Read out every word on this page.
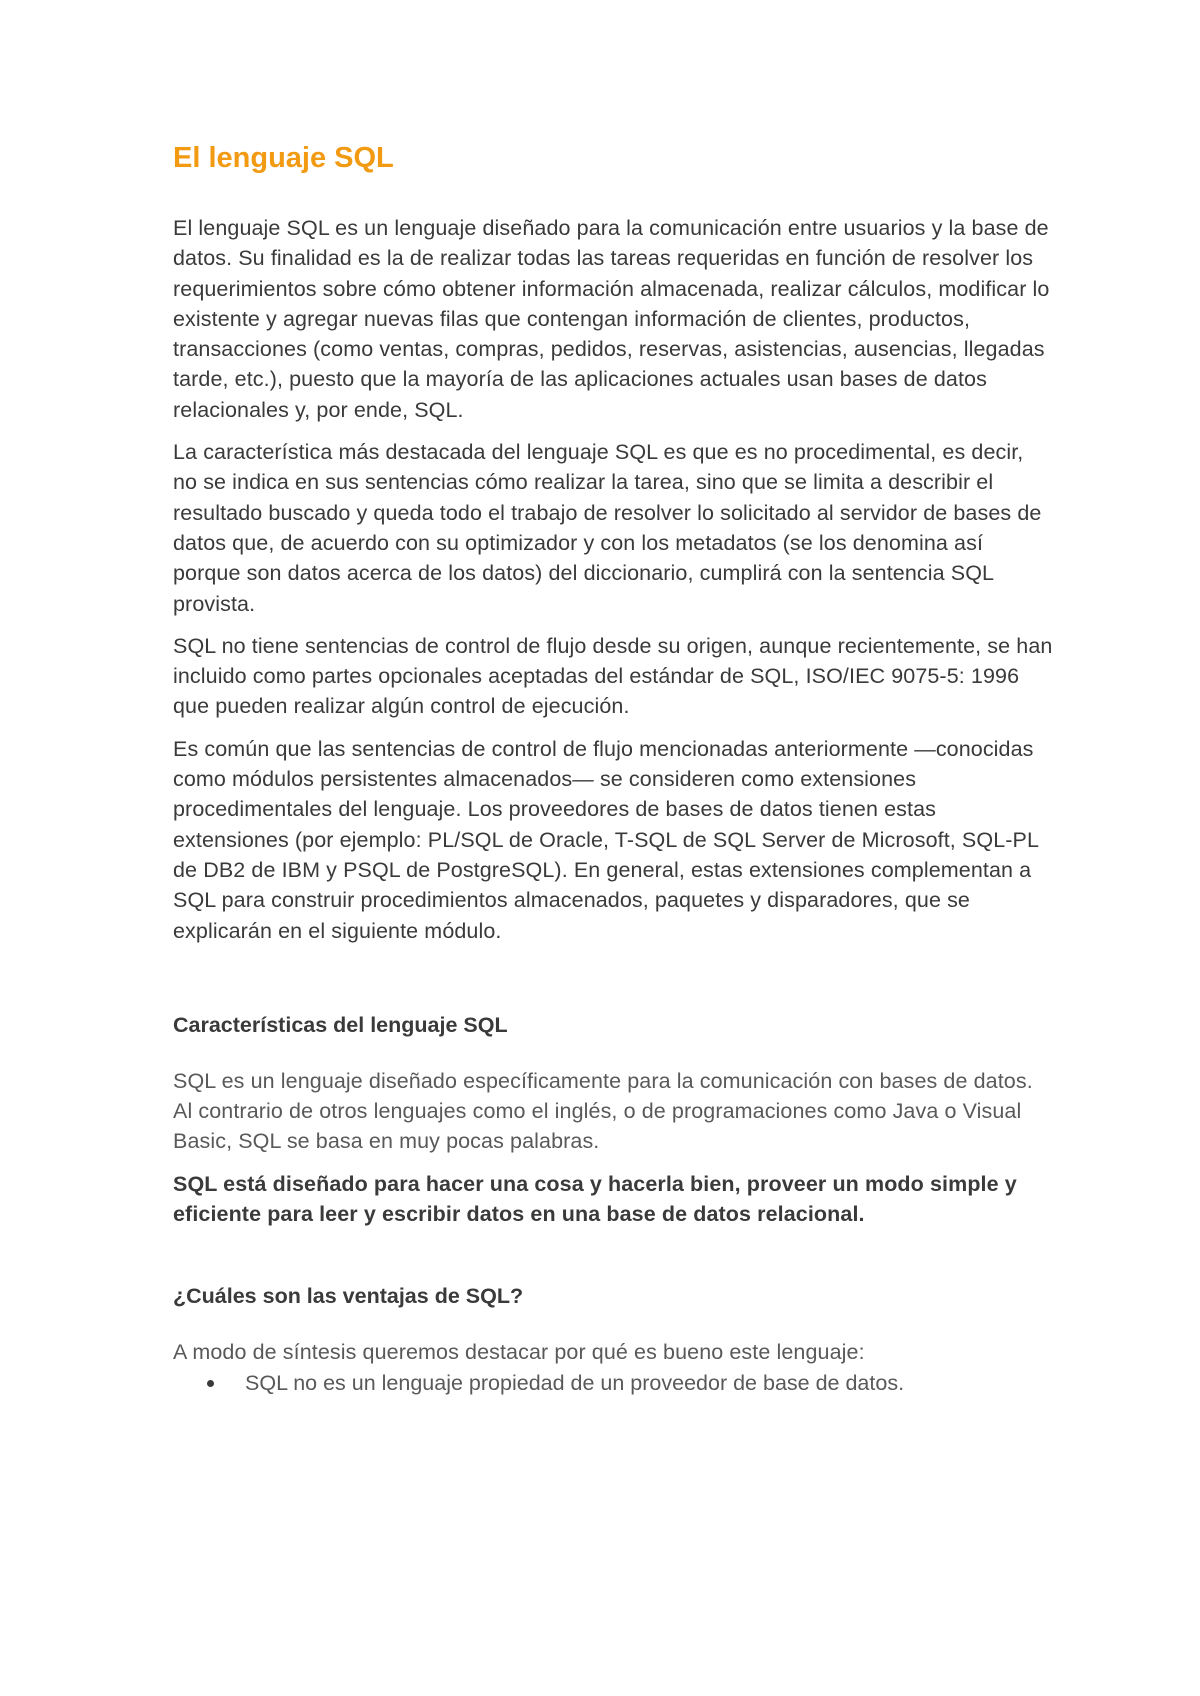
El lenguaje SQL

El lenguaje SQL es un lenguaje diseñado para la comunicación entre usuarios y la base de datos. Su finalidad es la de realizar todas las tareas requeridas en función de resolver los requerimientos sobre cómo obtener información almacenada, realizar cálculos, modificar lo existente y agregar nuevas filas que contengan información de clientes, productos, transacciones (como ventas, compras, pedidos, reservas, asistencias, ausencias, llegadas tarde, etc.), puesto que la mayoría de las aplicaciones actuales usan bases de datos relacionales y, por ende, SQL.

La característica más destacada del lenguaje SQL es que es no procedimental, es decir, no se indica en sus sentencias cómo realizar la tarea, sino que se limita a describir el resultado buscado y queda todo el trabajo de resolver lo solicitado al servidor de bases de datos que, de acuerdo con su optimizador y con los metadatos (se los denomina así porque son datos acerca de los datos) del diccionario, cumplirá con la sentencia SQL provista.

SQL no tiene sentencias de control de flujo desde su origen, aunque recientemente, se han incluido como partes opcionales aceptadas del estándar de SQL, ISO/IEC 9075-5: 1996 que pueden realizar algún control de ejecución.

Es común que las sentencias de control de flujo mencionadas anteriormente —conocidas como módulos persistentes almacenados— se consideren como extensiones procedimentales del lenguaje. Los proveedores de bases de datos tienen estas extensiones (por ejemplo: PL/SQL de Oracle, T-SQL de SQL Server de Microsoft, SQL-PL de DB2 de IBM y PSQL de PostgreSQL). En general, estas extensiones complementan a SQL para construir procedimientos almacenados, paquetes y disparadores, que se explicarán en el siguiente módulo.

Características del lenguaje SQL

SQL es un lenguaje diseñado específicamente para la comunicación con bases de datos. Al contrario de otros lenguajes como el inglés, o de programaciones como Java o Visual Basic, SQL se basa en muy pocas palabras.

SQL está diseñado para hacer una cosa y hacerla bien, proveer un modo simple y eficiente para leer y escribir datos en una base de datos relacional.

¿Cuáles son las ventajas de SQL?

A modo de síntesis queremos destacar por qué es bueno este lenguaje:

SQL no es un lenguaje propiedad de un proveedor de base de datos.
